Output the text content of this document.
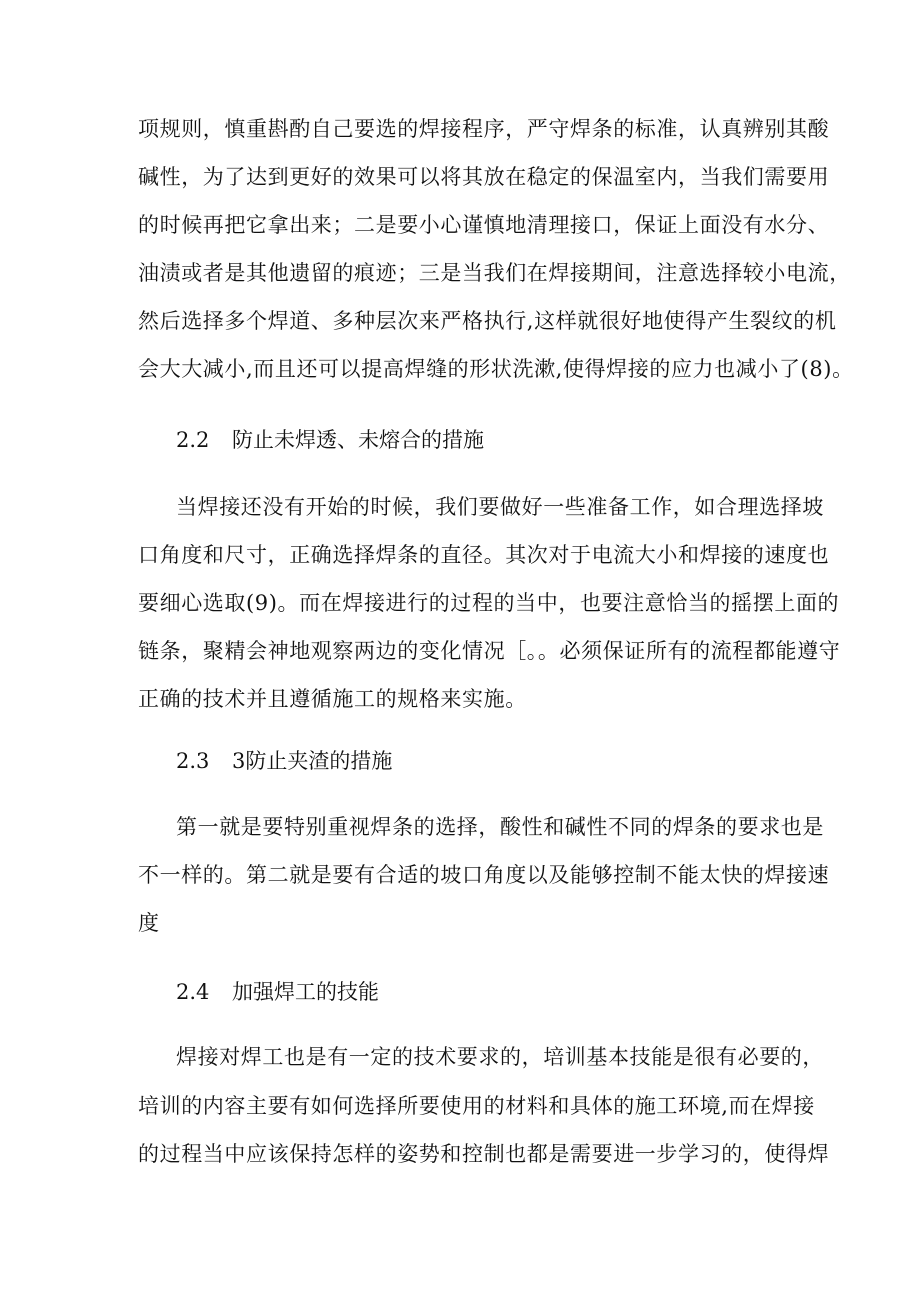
项规则，慎重斟酌自己要选的焊接程序，严守焊条的标准，认真辨别其酸
碱性，为了达到更好的效果可以将其放在稳定的保温室内，当我们需要用
的时候再把它拿出来；二是要小心谨慎地清理接口，保证上面没有水分、
油渍或者是其他遗留的痕迹；三是当我们在焊接期间，注意选择较小电流，
然后选择多个焊道、多种层次来严格执行,这样就很好地使得产生裂纹的机
会大大减小,而且还可以提高焊缝的形状洗漱,使得焊接的应力也减小了(8)。
2.2 防止未焊透、未熔合的措施
当焊接还没有开始的时候，我们要做好一些准备工作，如合理选择坡
口角度和尺寸，正确选择焊条的直径。其次对于电流大小和焊接的速度也
要细心选取(9)。而在焊接进行的过程的当中，也要注意恰当的摇摆上面的
链条，聚精会神地观察两边的变化情况［。。必须保证所有的流程都能遵守
正确的技术并且遵循施工的规格来实施。
2.3 3防止夹渣的措施
第一就是要特别重视焊条的选择，酸性和碱性不同的焊条的要求也是
不一样的。第二就是要有合适的坡口角度以及能够控制不能太快的焊接速
度
2.4 加强焊工的技能
焊接对焊工也是有一定的技术要求的，培训基本技能是很有必要的，
培训的内容主要有如何选择所要使用的材料和具体的施工环境,而在焊接
的过程当中应该保持怎样的姿势和控制也都是需要进一步学习的，使得焊
